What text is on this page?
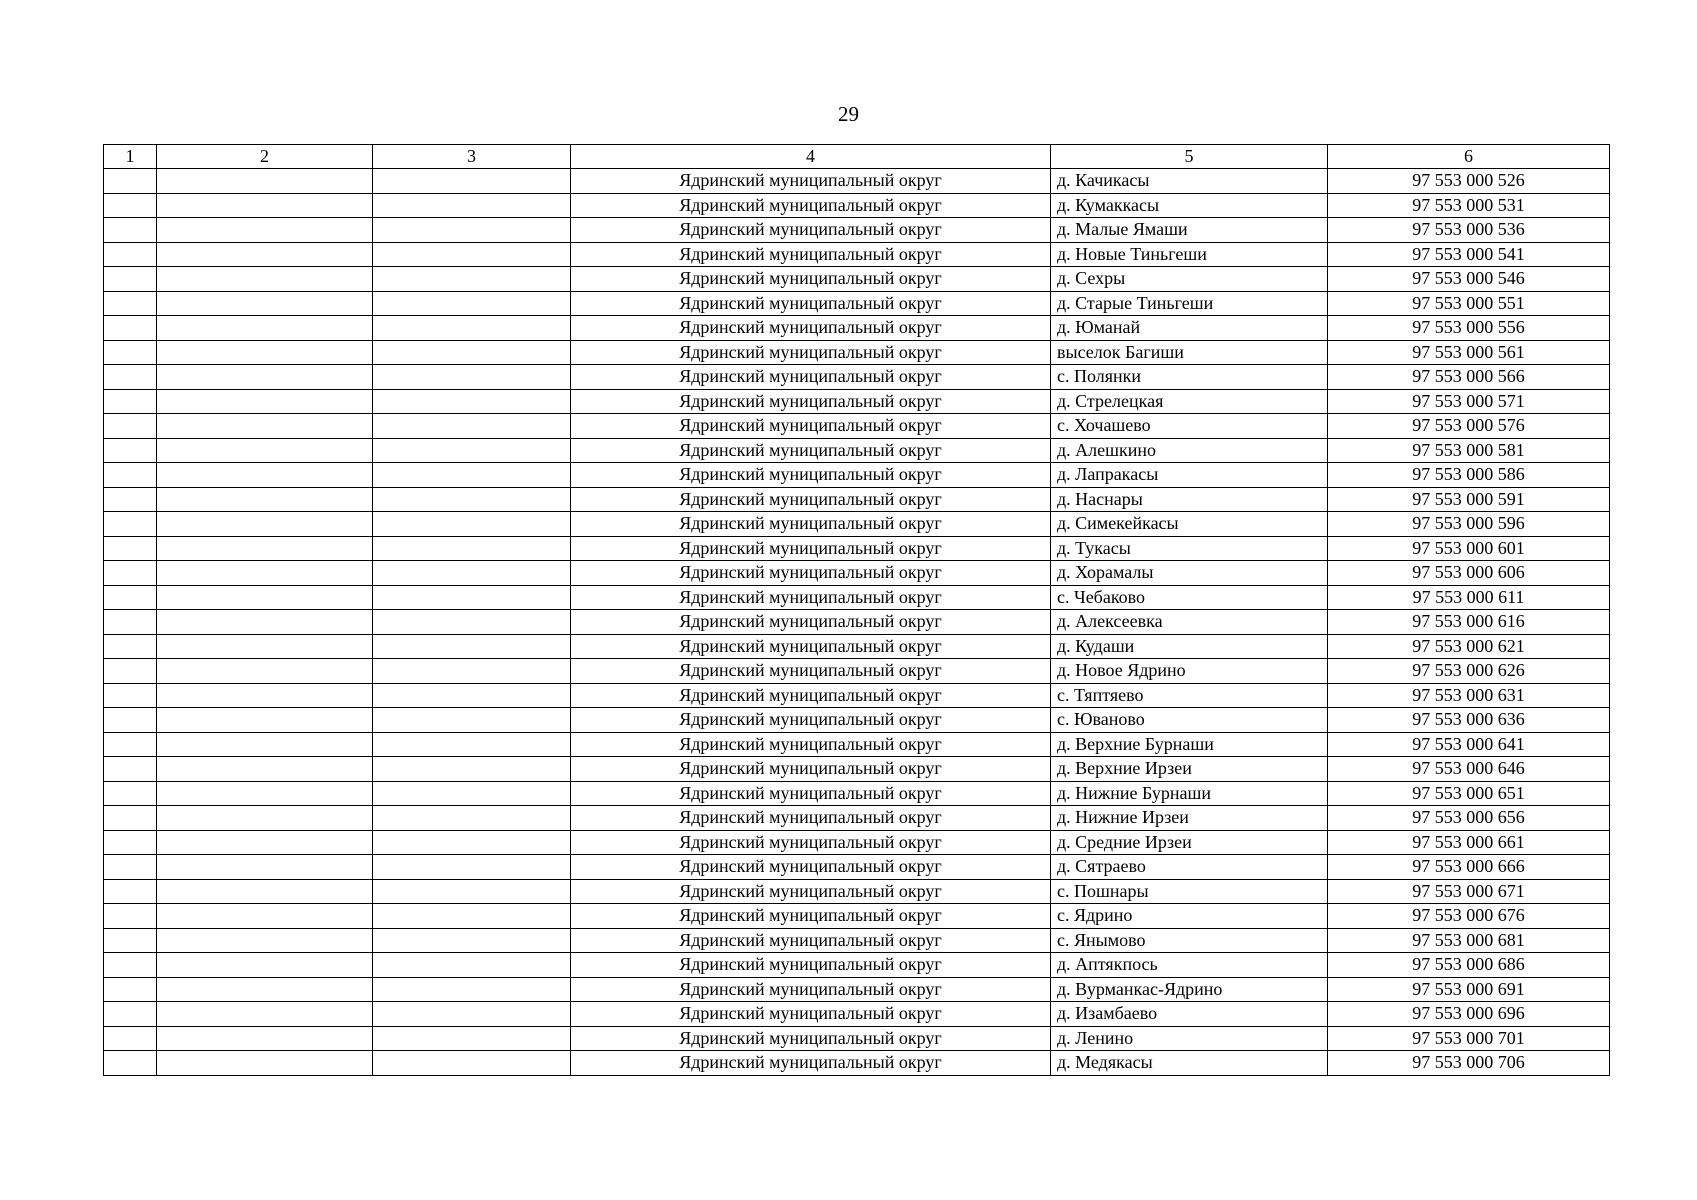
29
1	2	3	4	5	6
			Ядринский муниципальный округ	д. Качикасы	97 553 000 526
			Ядринский муниципальный округ	д. Кумаккасы	97 553 000 531
			Ядринский муниципальный округ	д. Малые Ямаши	97 553 000 536
			Ядринский муниципальный округ	д. Новые Тиньгеши	97 553 000 541
			Ядринский муниципальный округ	д. Сехры	97 553 000 546
			Ядринский муниципальный округ	д. Старые Тиньгеши	97 553 000 551
			Ядринский муниципальный округ	д. Юманай	97 553 000 556
			Ядринский муниципальный округ	выселок Багиши	97 553 000 561
			Ядринский муниципальный округ	с. Полянки	97 553 000 566
			Ядринский муниципальный округ	д. Стрелецкая	97 553 000 571
			Ядринский муниципальный округ	с. Хочашево	97 553 000 576
			Ядринский муниципальный округ	д. Алешкино	97 553 000 581
			Ядринский муниципальный округ	д. Лапракасы	97 553 000 586
			Ядринский муниципальный округ	д. Наснары	97 553 000 591
			Ядринский муниципальный округ	д. Симекейкасы	97 553 000 596
			Ядринский муниципальный округ	д. Тукасы	97 553 000 601
			Ядринский муниципальный округ	д. Хорамалы	97 553 000 606
			Ядринский муниципальный округ	с. Чебаково	97 553 000 611
			Ядринский муниципальный округ	д. Алексеевка	97 553 000 616
			Ядринский муниципальный округ	д. Кудаши	97 553 000 621
			Ядринский муниципальный округ	д. Новое Ядрино	97 553 000 626
			Ядринский муниципальный округ	с. Тяптяево	97 553 000 631
			Ядринский муниципальный округ	с. Юваново	97 553 000 636
			Ядринский муниципальный округ	д. Верхние Бурнаши	97 553 000 641
			Ядринский муниципальный округ	д. Верхние Ирзеи	97 553 000 646
			Ядринский муниципальный округ	д. Нижние Бурнаши	97 553 000 651
			Ядринский муниципальный округ	д. Нижние Ирзеи	97 553 000 656
			Ядринский муниципальный округ	д. Средние Ирзеи	97 553 000 661
			Ядринский муниципальный округ	д. Сятраево	97 553 000 666
			Ядринский муниципальный округ	с. Пошнары	97 553 000 671
			Ядринский муниципальный округ	с. Ядрино	97 553 000 676
			Ядринский муниципальный округ	с. Янымово	97 553 000 681
			Ядринский муниципальный округ	д. Аптякпось	97 553 000 686
			Ядринский муниципальный округ	д. Вурманкас-Ядрино	97 553 000 691
			Ядринский муниципальный округ	д. Изамбаево	97 553 000 696
			Ядринский муниципальный округ	д. Ленино	97 553 000 701
			Ядринский муниципальный округ	д. Медякасы	97 553 000 706
